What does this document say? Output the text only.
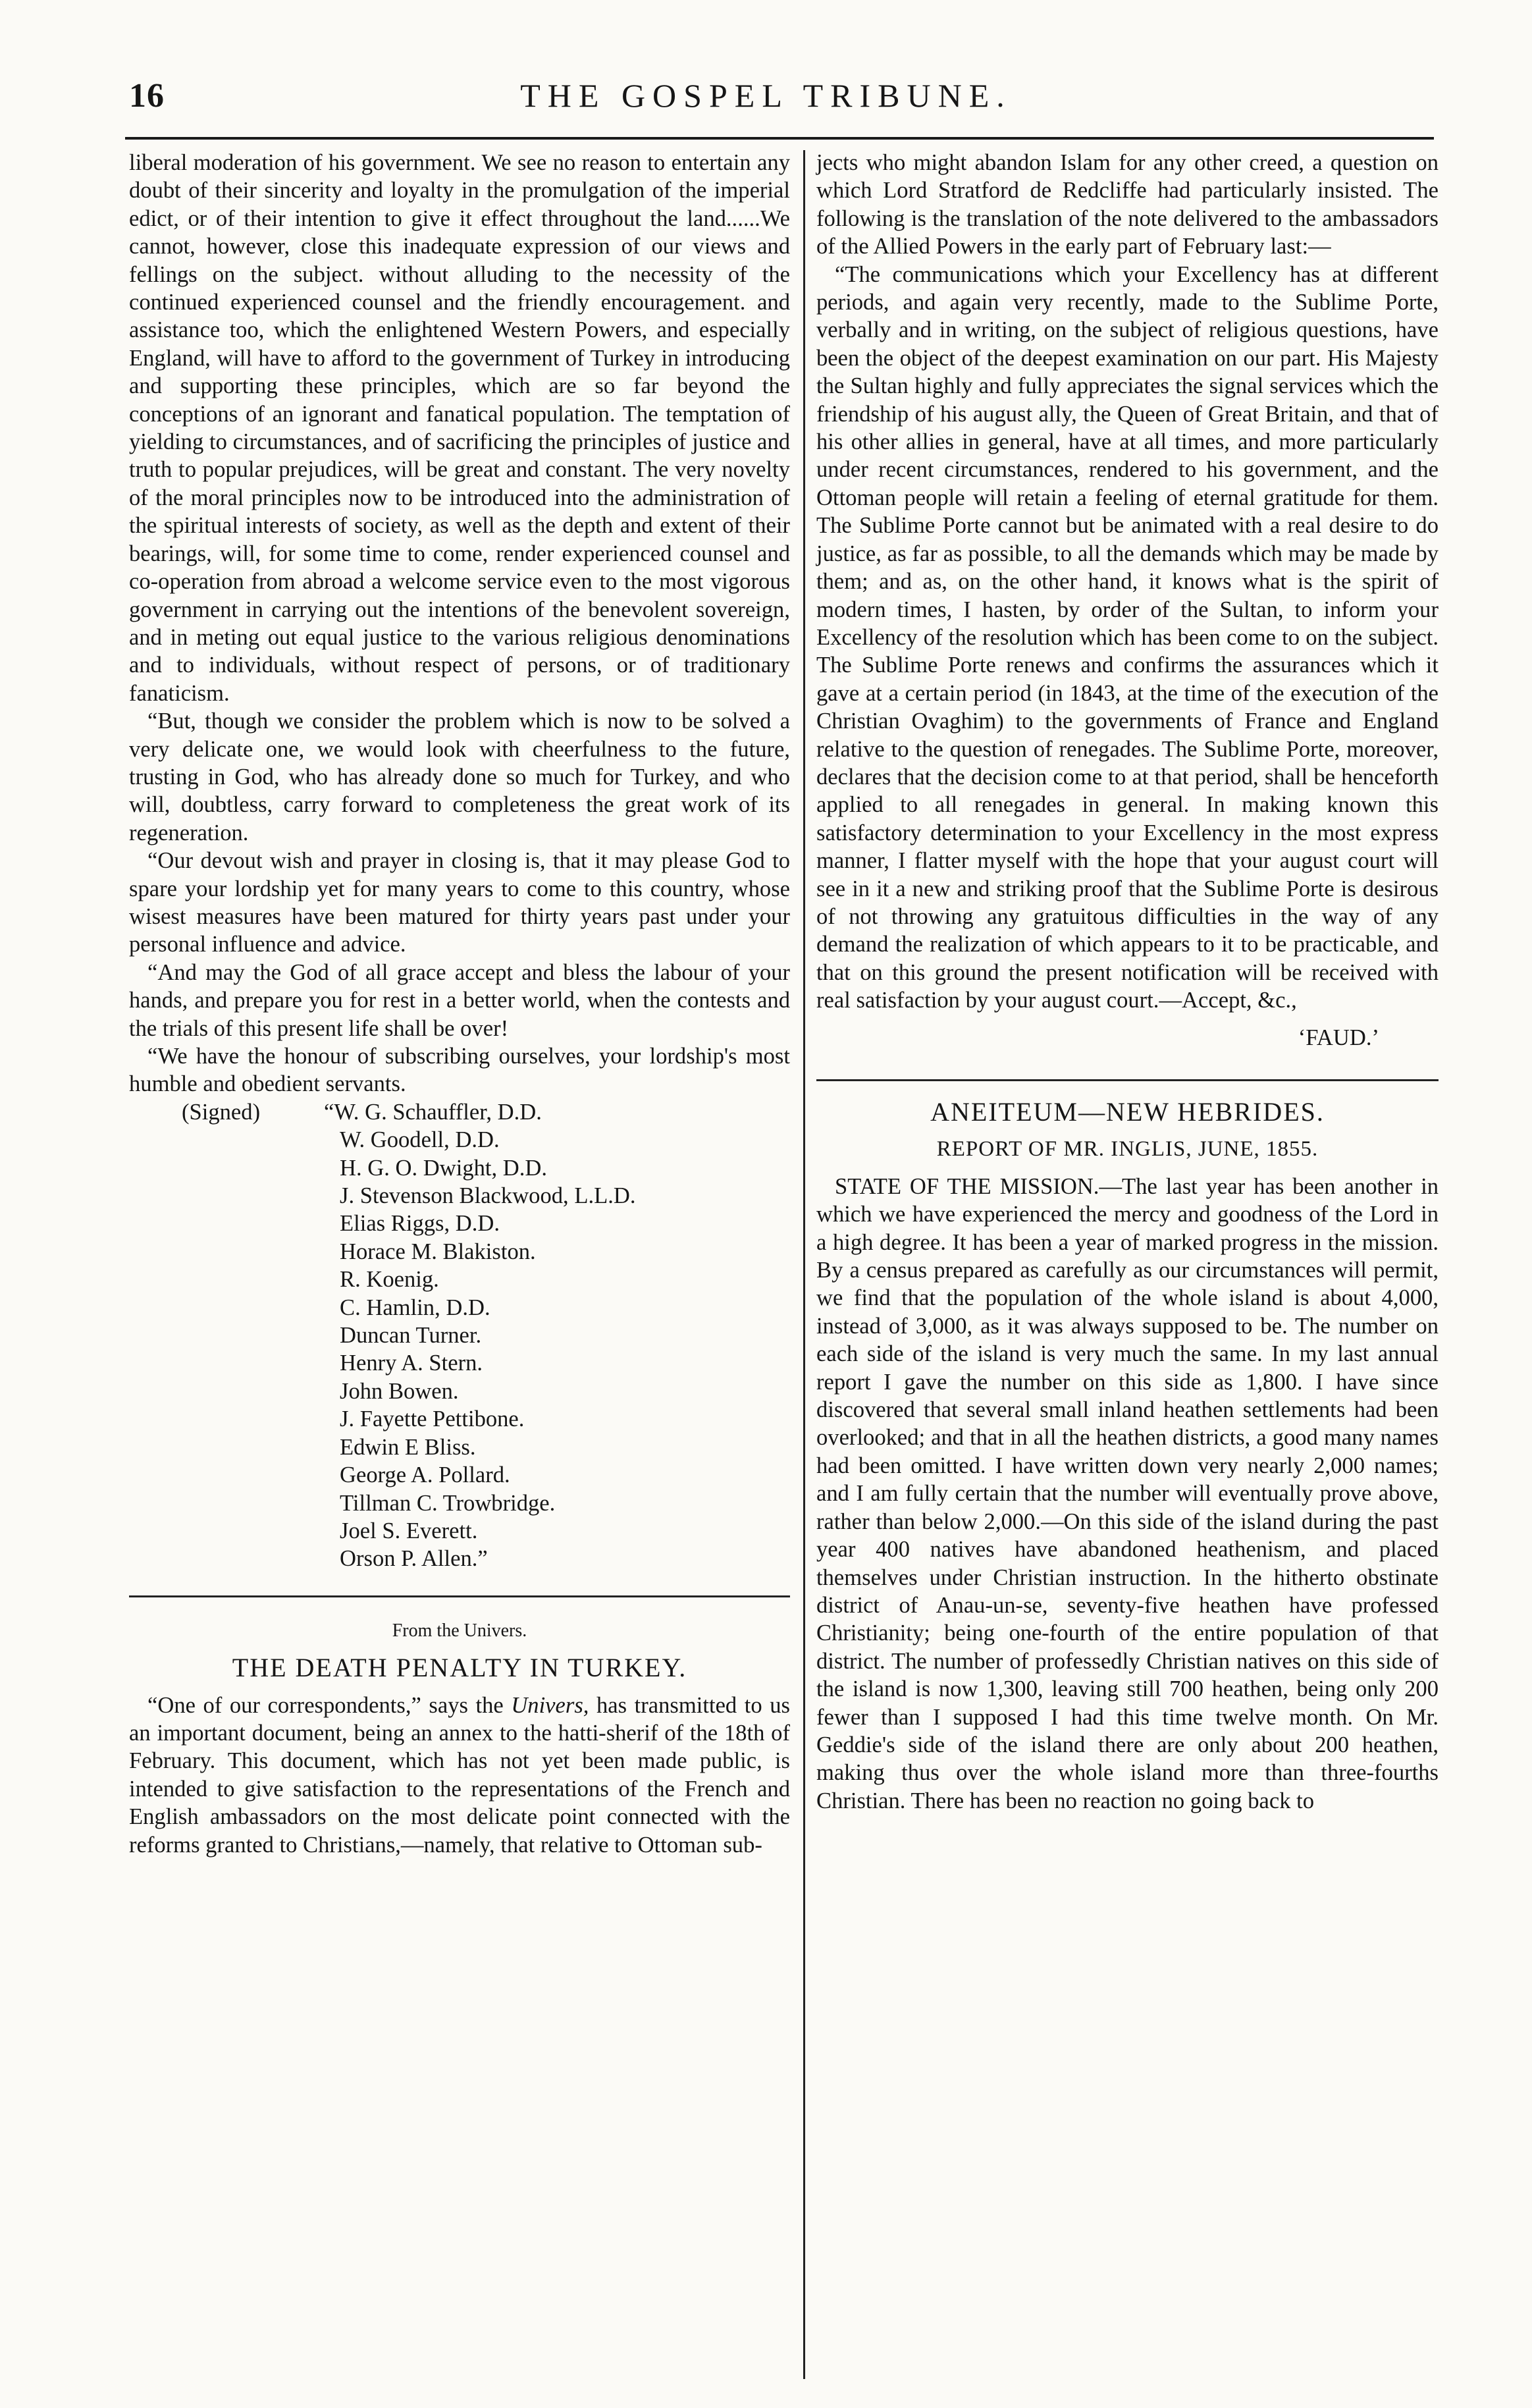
16	THE GOSPEL TRIBUNE.

liberal moderation of his government. We see no reason to entertain any doubt of their sincerity and loyalty in the promulgation of the imperial edict, or of their intention to give it effect throughout the land......We cannot, however, close this inadequate expression of our views and fellings on the subject. without alluding to the necessity of the continued experienced counsel and the friendly encouragement. and assistance too, which the enlightened Western Powers, and especially England, will have to afford to the government of Turkey in introducing and supporting these principles, which are so far beyond the conceptions of an ignorant and fanatical population. The temptation of yielding to circumstances, and of sacrificing the principles of justice and truth to popular prejudices, will be great and constant. The very novelty of the moral principles now to be introduced into the administration of the spiritual interests of society, as well as the depth and extent of their bearings, will, for some time to come, render experienced counsel and co-operation from abroad a welcome service even to the most vigorous government in carrying out the intentions of the benevolent sovereign, and in meting out equal justice to the various religious denominations and to individuals, without respect of persons, or of traditionary fanaticism.

“But, though we consider the problem which is now to be solved a very delicate one, we would look with cheerfulness to the future, trusting in God, who has already done so much for Turkey, and who will, doubtless, carry forward to completeness the great work of its regeneration.

“Our devout wish and prayer in closing is, that it may please God to spare your lordship yet for many years to come to this country, whose wisest measures have been matured for thirty years past under your personal influence and advice.

“And may the God of all grace accept and bless the labour of your hands, and prepare you for rest in a better world, when the contests and the trials of this present life shall be over!

“We have the honour of subscribing ourselves, your lordship's most humble and obedient servants.

(Signed)	“W. G. Schauffler, D.D.
W. Goodell, D.D.
H. G. O. Dwight, D.D.
J. Stevenson Blackwood, L.L.D.
Elias Riggs, D.D.
Horace M. Blakiston.
R. Koenig.
C. Hamlin, D.D.
Duncan Turner.
Henry A. Stern.
John Bowen.
J. Fayette Pettibone.
Edwin E Bliss.
George A. Pollard.
Tillman C. Trowbridge.
Joel S. Everett.
Orson P. Allen.”

From the Univers.

THE DEATH PENALTY IN TURKEY.

“One of our correspondents,” says the Univers, has transmitted to us an important document, being an annex to the hatti-sherif of the 18th of February. This document, which has not yet been made public, is intended to give satisfaction to the representations of the French and English ambassadors on the most delicate point connected with the reforms granted to Christians,—namely, that relative to Ottoman sub-

jects who might abandon Islam for any other creed, a question on which Lord Stratford de Redcliffe had particularly insisted. The following is the translation of the note delivered to the ambassadors of the Allied Powers in the early part of February last:—

“The communications which your Excellency has at different periods, and again very recently, made to the Sublime Porte, verbally and in writing, on the subject of religious questions, have been the object of the deepest examination on our part. His Majesty the Sultan highly and fully appreciates the signal services which the friendship of his august ally, the Queen of Great Britain, and that of his other allies in general, have at all times, and more particularly under recent circumstances, rendered to his government, and the Ottoman people will retain a feeling of eternal gratitude for them. The Sublime Porte cannot but be animated with a real desire to do justice, as far as possible, to all the demands which may be made by them; and as, on the other hand, it knows what is the spirit of modern times, I hasten, by order of the Sultan, to inform your Excellency of the resolution which has been come to on the subject. The Sublime Porte renews and confirms the assurances which it gave at a certain period (in 1843, at the time of the execution of the Christian Ovaghim) to the governments of France and England relative to the question of renegades. The Sublime Porte, moreover, declares that the decision come to at that period, shall be henceforth applied to all renegades in general. In making known this satisfactory determination to your Excellency in the most express manner, I flatter myself with the hope that your august court will see in it a new and striking proof that the Sublime Porte is desirous of not throwing any gratuitous difficulties in the way of any demand the realization of which appears to it to be practicable, and that on this ground the present notification will be received with real satisfaction by your august court.—Accept, &c.,

‘FAUD.’

ANEITEUM—NEW HEBRIDES.

REPORT OF MR. INGLIS, JUNE, 1855.

STATE OF THE MISSION.—The last year has been another in which we have experienced the mercy and goodness of the Lord in a high degree. It has been a year of marked progress in the mission. By a census prepared as carefully as our circumstances will permit, we find that the population of the whole island is about 4,000, instead of 3,000, as it was always supposed to be. The number on each side of the island is very much the same. In my last annual report I gave the number on this side as 1,800. I have since discovered that several small inland heathen settlements had been overlooked; and that in all the heathen districts, a good many names had been omitted. I have written down very nearly 2,000 names; and I am fully certain that the number will eventually prove above, rather than below 2,000.—On this side of the island during the past year 400 natives have abandoned heathenism, and placed themselves under Christian instruction. In the hitherto obstinate district of Anau-un-se, seventy-five heathen have professed Christianity; being one-fourth of the entire population of that district. The number of professedly Christian natives on this side of the island is now 1,300, leaving still 700 heathen, being only 200 fewer than I supposed I had this time twelve month. On Mr. Geddie's side of the island there are only about 200 heathen, making thus over the whole island more than three-fourths Christian. There has been no reaction no going back to
